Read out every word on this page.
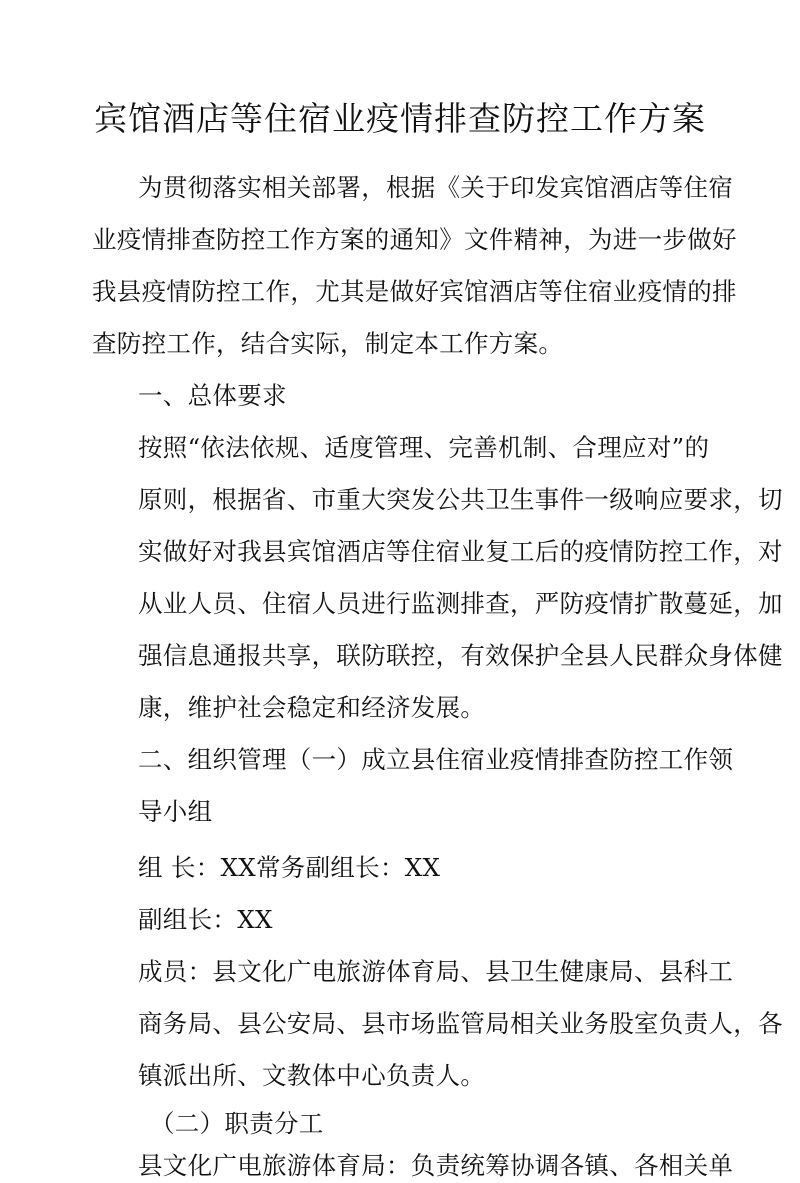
宾馆酒店等住宿业疫情排查防控工作方案
为贯彻落实相关部署，根据《关于印发宾馆酒店等住宿
业疫情排查防控工作方案的通知》文件精神，为进一步做好
我县疫情防控工作，尤其是做好宾馆酒店等住宿业疫情的排
查防控工作，结合实际，制定本工作方案。
一、总体要求
按照“依法依规、适度管理、完善机制、合理应对”的
原则，根据省、市重大突发公共卫生事件一级响应要求， 切
实做好对我县宾馆酒店等住宿业复工后的疫情防控工作， 对
从业人员、住宿人员进行监测排查，严防疫情扩散蔓延， 加
强信息通报共享，联防联控，有效保护全县人民群众身体 健
康，维护社会稳定和经济发展。
二、组织管理（一）成立县住宿业疫情排查防控工作领
导小组
组 长：XX常务副组长：XX
副组长：XX
成员：县文化广电旅游体育局、县卫生健康局、县科 工
商务局、县公安局、县市场监管局相关业务股室负责人， 各
镇派出所、文教体中心负责人。
（二）职责分工
县文化广电旅游体育局：负责统筹协调各镇、各相关单
